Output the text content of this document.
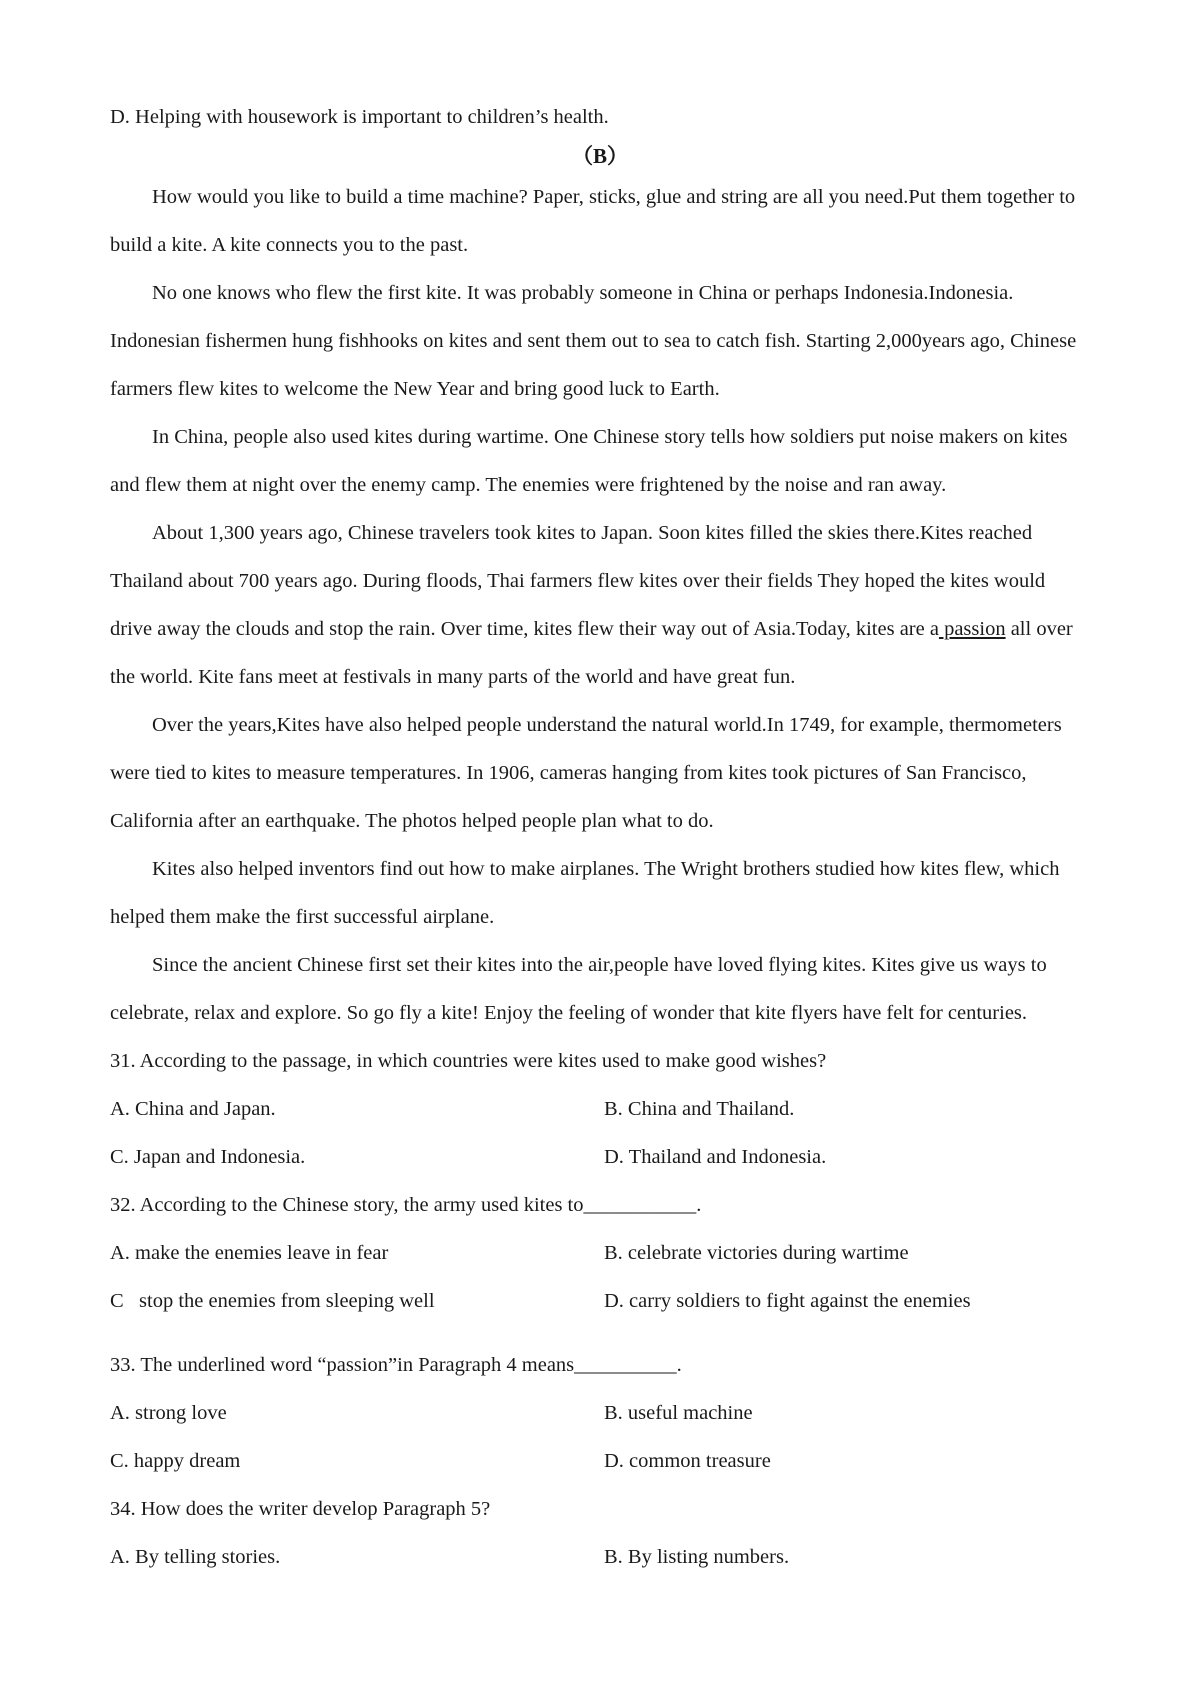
D. Helping with housework is important to children’s health.
（B）
How would you like to build a time machine? Paper, sticks, glue and string are all you need.Put them together to
build a kite. A kite connects you to the past.
No one knows who flew the first kite. It was probably someone in China or perhaps Indonesia.Indonesia.
Indonesian fishermen hung fishhooks on kites and sent them out to sea to catch fish. Starting 2,000years ago, Chinese
farmers flew kites to welcome the New Year and bring good luck to Earth.
In China, people also used kites during wartime. One Chinese story tells how soldiers put noise makers on kites
and flew them at night over the enemy camp. The enemies were frightened by the noise and ran away.
About 1,300 years ago, Chinese travelers took kites to Japan. Soon kites filled the skies there.Kites reached
Thailand about 700 years ago. During floods, Thai farmers flew kites over their fields They hoped the kites would
drive away the clouds and stop the rain. Over time, kites flew their way out of Asia.Today, kites are a passion all over
the world. Kite fans meet at festivals in many parts of the world and have great fun.
Over the years,Kites have also helped people understand the natural world.In 1749, for example, thermometers
were tied to kites to measure temperatures. In 1906, cameras hanging from kites took pictures of San Francisco,
California after an earthquake. The photos helped people plan what to do.
Kites also helped inventors find out how to make airplanes. The Wright brothers studied how kites flew, which
helped them make the first successful airplane.
Since the ancient Chinese first set their kites into the air,people have loved flying kites. Kites give us ways to
celebrate, relax and explore. So go fly a kite! Enjoy the feeling of wonder that kite flyers have felt for centuries.
31. According to the passage, in which countries were kites used to make good wishes?
A. China and Japan.	B. China and Thailand.
C. Japan and Indonesia.	D. Thailand and Indonesia.
32. According to the Chinese story, the army used kites to___________.
A. make the enemies leave in fear	B. celebrate victories during wartime
C   stop the enemies from sleeping well	D. carry soldiers to fight against the enemies
33. The underlined word “passion”in Paragraph 4 means__________.
A. strong love	B. useful machine
C. happy dream	D. common treasure
34. How does the writer develop Paragraph 5?
A. By telling stories.	B. By listing numbers.
